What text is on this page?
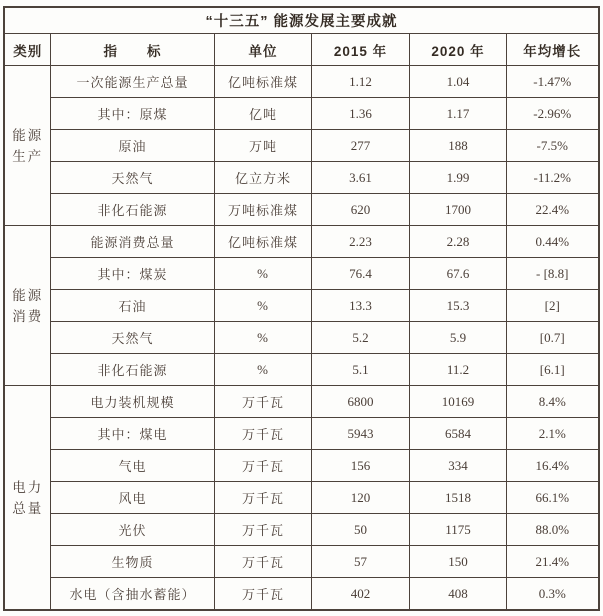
“十三五” 能源发展主要成就					
类别	指　　标	单位	2015 年	2020 年	年均增长

能源
生产	一次能源生产总量	亿吨标准煤	1.12	1.04	-1.47%
	其中：原煤	亿吨	1.36	1.17	-2.96%
	原油	万吨	277	188	-7.5%
	天然气	亿立方米	3.61	1.99	-11.2%
	非化石能源	万吨标准煤	620	1700	22.4%

能源
消费	能源消费总量	亿吨标准煤	2.23	2.28	0.44%
	其中：煤炭	%	76.4	67.6	- [8.8]
	石油	%	13.3	15.3	[2]
	天然气	%	5.2	5.9	[0.7]
	非化石能源	%	5.1	11.2	[6.1]

电力
总量	电力装机规模	万千瓦	6800	10169	8.4%
	其中：煤电	万千瓦	5943	6584	2.1%
	气电	万千瓦	156	334	16.4%
	风电	万千瓦	120	1518	66.1%
	光伏	万千瓦	50	1175	88.0%
	生物质	万千瓦	57	150	21.4%
	水电（含抽水蓄能）	万千瓦	402	408	0.3%
